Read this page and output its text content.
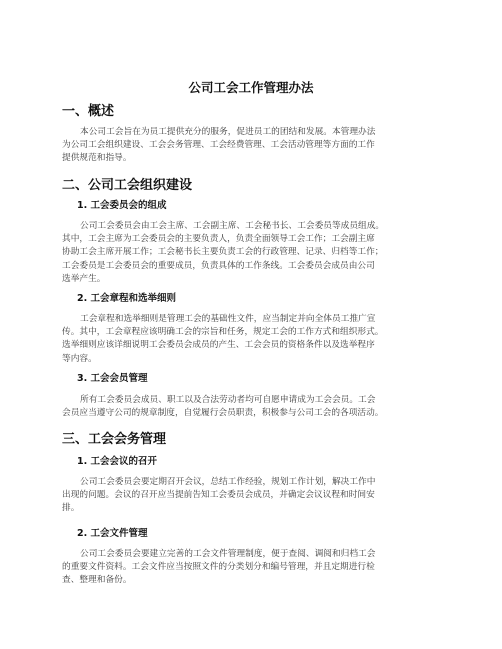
公司工会工作管理办法
一、概述

本公司工会旨在为员工提供充分的服务，促进员工的团结和发展。本管理办法
为公司工会组织建设、工会会务管理、工会经费管理、工会活动管理等方面的工作
提供规范和指导。

二、公司工会组织建设
1. 工会委员会的组成

公司工会委员会由工会主席、工会副主席、工会秘书长、工会委员等成员组成。
其中，工会主席为工会委员会的主要负责人，负责全面领导工会工作；工会副主席
协助工会主席开展工作；工会秘书长主要负责工会的行政管理、记录、归档等工作；
工会委员是工会委员会的重要成员，负责具体的工作条线。工会委员会成员由公司
选举产生。

2. 工会章程和选举细则

工会章程和选举细则是管理工会的基础性文件，应当制定并向全体员工推广宣
传。其中，工会章程应该明确工会的宗旨和任务，规定工会的工作方式和组织形式。
选举细则应该详细说明工会委员会成员的产生、工会会员的资格条件以及选举程序
等内容。

3. 工会会员管理

所有工会委员会成员、职工以及合法劳动者均可自愿申请成为工会会员。工会
会员应当遵守公司的规章制度，自觉履行会员职责，积极参与公司工会的各项活动。

三、工会会务管理
1. 工会会议的召开

公司工会委员会要定期召开会议，总结工作经验，规划工作计划，解决工作中
出现的问题。会议的召开应当提前告知工会委员会成员，并确定会议议程和时间安
排。

2. 工会文件管理

公司工会委员会要建立完善的工会文件管理制度，便于查阅、调阅和归档工会
的重要文件资料。工会文件应当按照文件的分类划分和编号管理，并且定期进行检
查、整理和备份。
